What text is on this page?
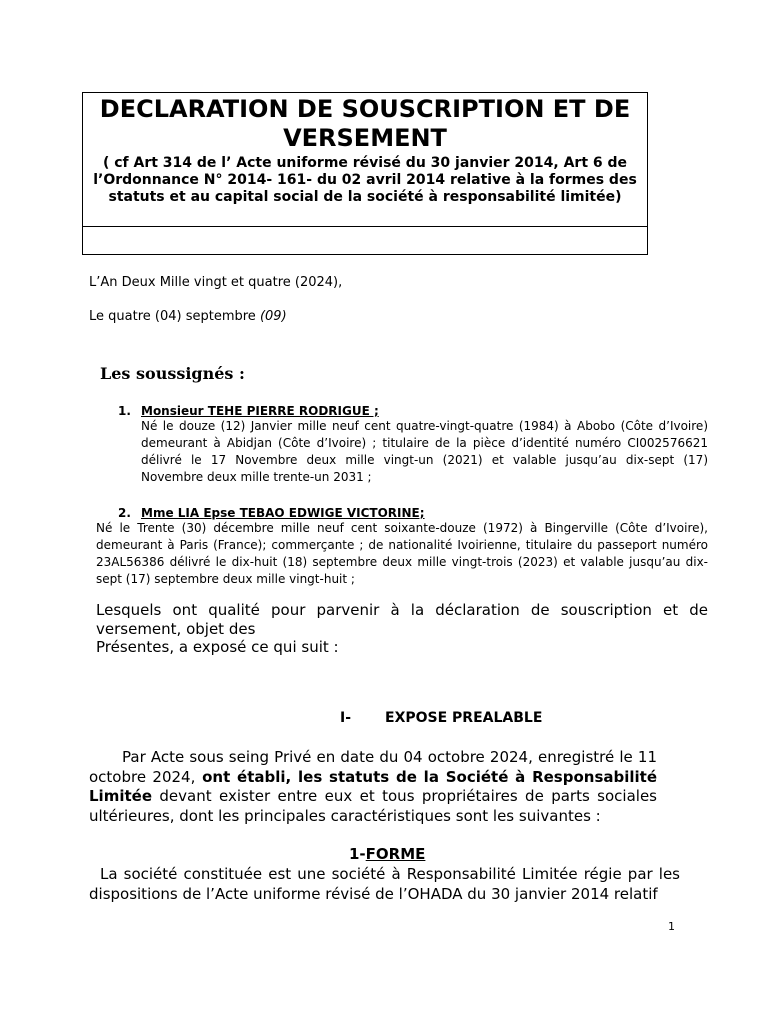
DECLARATION DE SOUSCRIPTION ET DE VERSEMENT
( cf Art 314 de l’ Acte uniforme révisé du 30 janvier 2014, Art 6 de l’Ordonnance N° 2014- 161- du 02 avril 2014 relative à la formes des statuts et au capital social de la société à responsabilité limitée)

L’An Deux Mille vingt et quatre (2024),

Le quatre (04) septembre (09)

Les soussignés :

1. Monsieur TEHE PIERRE RODRIGUE ;

Né le douze (12) Janvier mille neuf cent quatre-vingt-quatre (1984) à Abobo (Côte d’Ivoire) demeurant à Abidjan (Côte d’Ivoire) ; titulaire de la pièce d’identité numéro CI002576621 délivré le 17 Novembre deux mille vingt-un (2021) et valable jusqu’au dix-sept (17) Novembre deux mille trente-un 2031 ;

2. Mme LIA Epse TEBAO EDWIGE VICTORINE;

Né le Trente (30) décembre mille neuf cent soixante-douze (1972) à Bingerville (Côte d’Ivoire), demeurant à Paris (France); commerçante ; de nationalité Ivoirienne, titulaire du passeport numéro 23AL56386 délivré le dix-huit (18) septembre deux mille vingt-trois (2023) et valable jusqu’au dix-sept (17) septembre deux mille vingt-huit ;

Lesquels ont qualité pour parvenir à la déclaration de souscription et de versement, objet des

Présentes, a exposé ce qui suit :

I- EXPOSE PREALABLE

Par Acte sous seing Privé en date du 04 octobre 2024, enregistré le 11 octobre 2024, ont établi, les statuts de la Société à Responsabilité Limitée devant exister entre eux et tous propriétaires de parts sociales ultérieures, dont les principales caractéristiques sont les suivantes :

1-FORME

La société constituée est une société à Responsabilité Limitée régie par les dispositions de l’Acte uniforme révisé de l’OHADA du 30 janvier 2014 relatif

1
